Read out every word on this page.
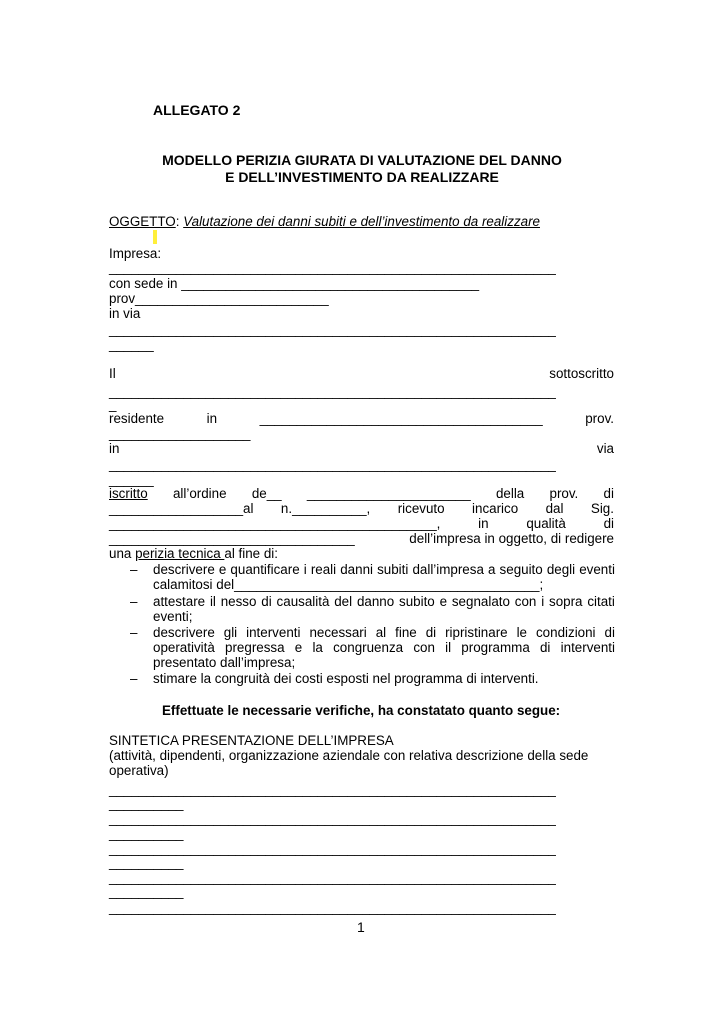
ALLEGATO 2
MODELLO PERIZIA GIURATA DI VALUTAZIONE DEL DANNO
E DELL’INVESTIMENTO DA REALIZZARE
OGGETTO: Valutazione dei danni subiti e dell’investimento da realizzare
Impresa:
____________________________________________________________
con sede in ________________________________________
prov__________________________
in via
____________________________________________________________
______
Il	sottoscritto
____________________________________________________________
_
residente	in	______________________________________	prov.
___________________
in	via
____________________________________________________________
______
iscritto all’ordine de__ ______________________ della prov. di
__________________al n.__________, ricevuto incarico dal Sig.
____________________________________________,	in	qualità	di
_________________________________	dell’impresa in oggetto, di redigere
una perizia tecnica al fine di:
– descrivere e quantificare i reali danni subiti dall’impresa a seguito degli eventi
calamitosi del_________________________________________;
– attestare il nesso di causalità del danno subito e segnalato con i sopra citati
eventi;
– descrivere gli interventi necessari al fine di ripristinare le condizioni di
operatività pregressa e la congruenza con il programma di interventi
presentato dall’impresa;
– stimare la congruità dei costi esposti nel programma di interventi.
Effettuate le necessarie verifiche, ha constatato quanto segue:
SINTETICA PRESENTAZIONE DELL’IMPRESA
(attività, dipendenti, organizzazione aziendale con relativa descrizione della sede
operativa)
____________________________________________________________
__________
____________________________________________________________
__________
____________________________________________________________
__________
____________________________________________________________
__________
____________________________________________________________
1
